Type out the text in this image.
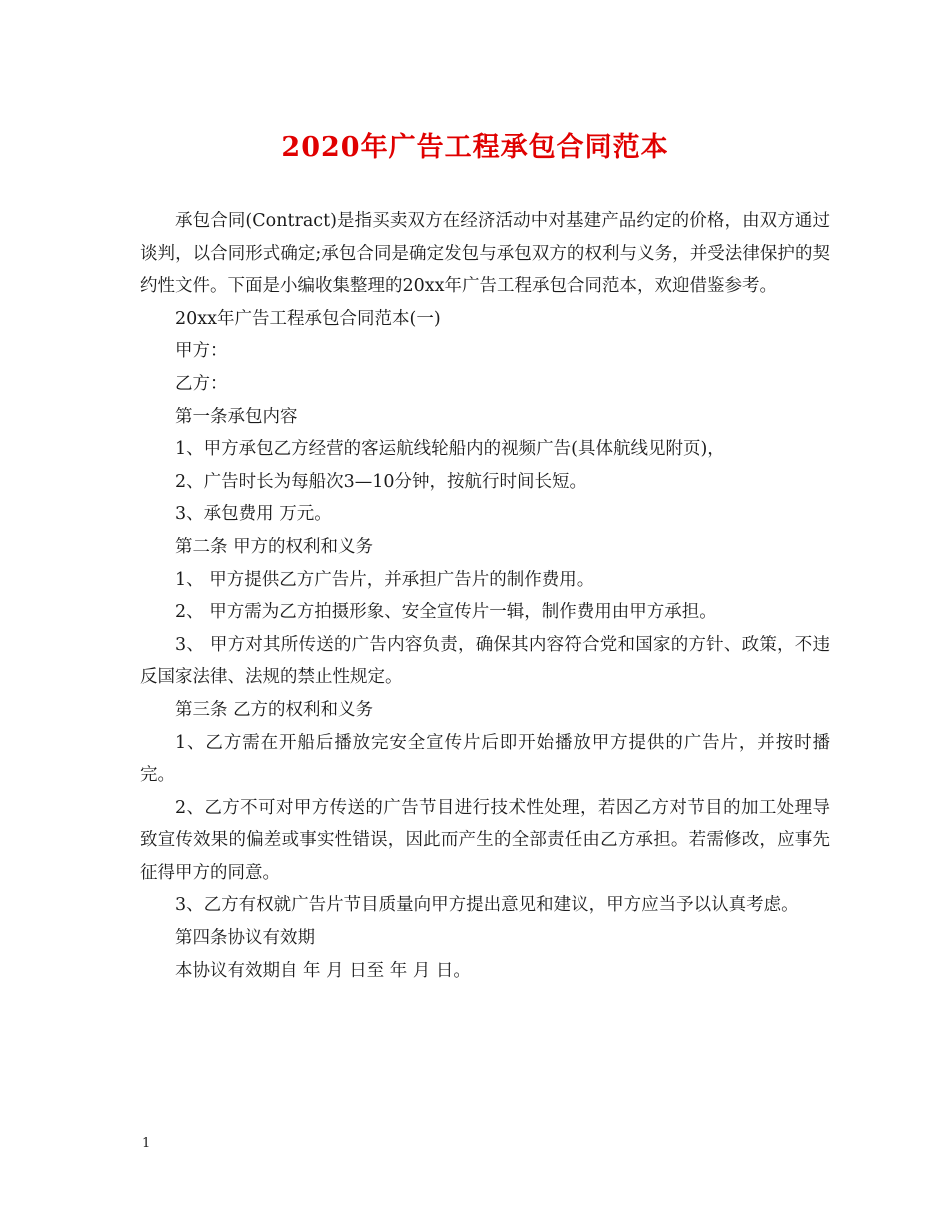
2020年广告工程承包合同范本

承包合同(Contract)是指买卖双方在经济活动中对基建产品约定的价格，由双方通过谈判，以合同形式确定;承包合同是确定发包与承包双方的权利与义务，并受法律保护的契约性文件。下面是小编收集整理的20xx年广告工程承包合同范本，欢迎借鉴参考。

20xx年广告工程承包合同范本(一)

甲方：

乙方：

第一条承包内容

1、甲方承包乙方经营的客运航线轮船内的视频广告(具体航线见附页)，

2、广告时长为每船次3—10分钟，按航行时间长短。

3、承包费用 万元。

第二条 甲方的权利和义务

1、 甲方提供乙方广告片，并承担广告片的制作费用。

2、 甲方需为乙方拍摄形象、安全宣传片一辑，制作费用由甲方承担。

3、 甲方对其所传送的广告内容负责，确保其内容符合党和国家的方针、政策，不违反国家法律、法规的禁止性规定。

第三条 乙方的权利和义务

1、乙方需在开船后播放完安全宣传片后即开始播放甲方提供的广告片，并按时播完。

2、乙方不可对甲方传送的广告节目进行技术性处理，若因乙方对节目的加工处理导致宣传效果的偏差或事实性错误，因此而产生的全部责任由乙方承担。若需修改，应事先征得甲方的同意。

3、乙方有权就广告片节目质量向甲方提出意见和建议，甲方应当予以认真考虑。

第四条协议有效期

本协议有效期自 年 月 日至 年 月 日。

1
